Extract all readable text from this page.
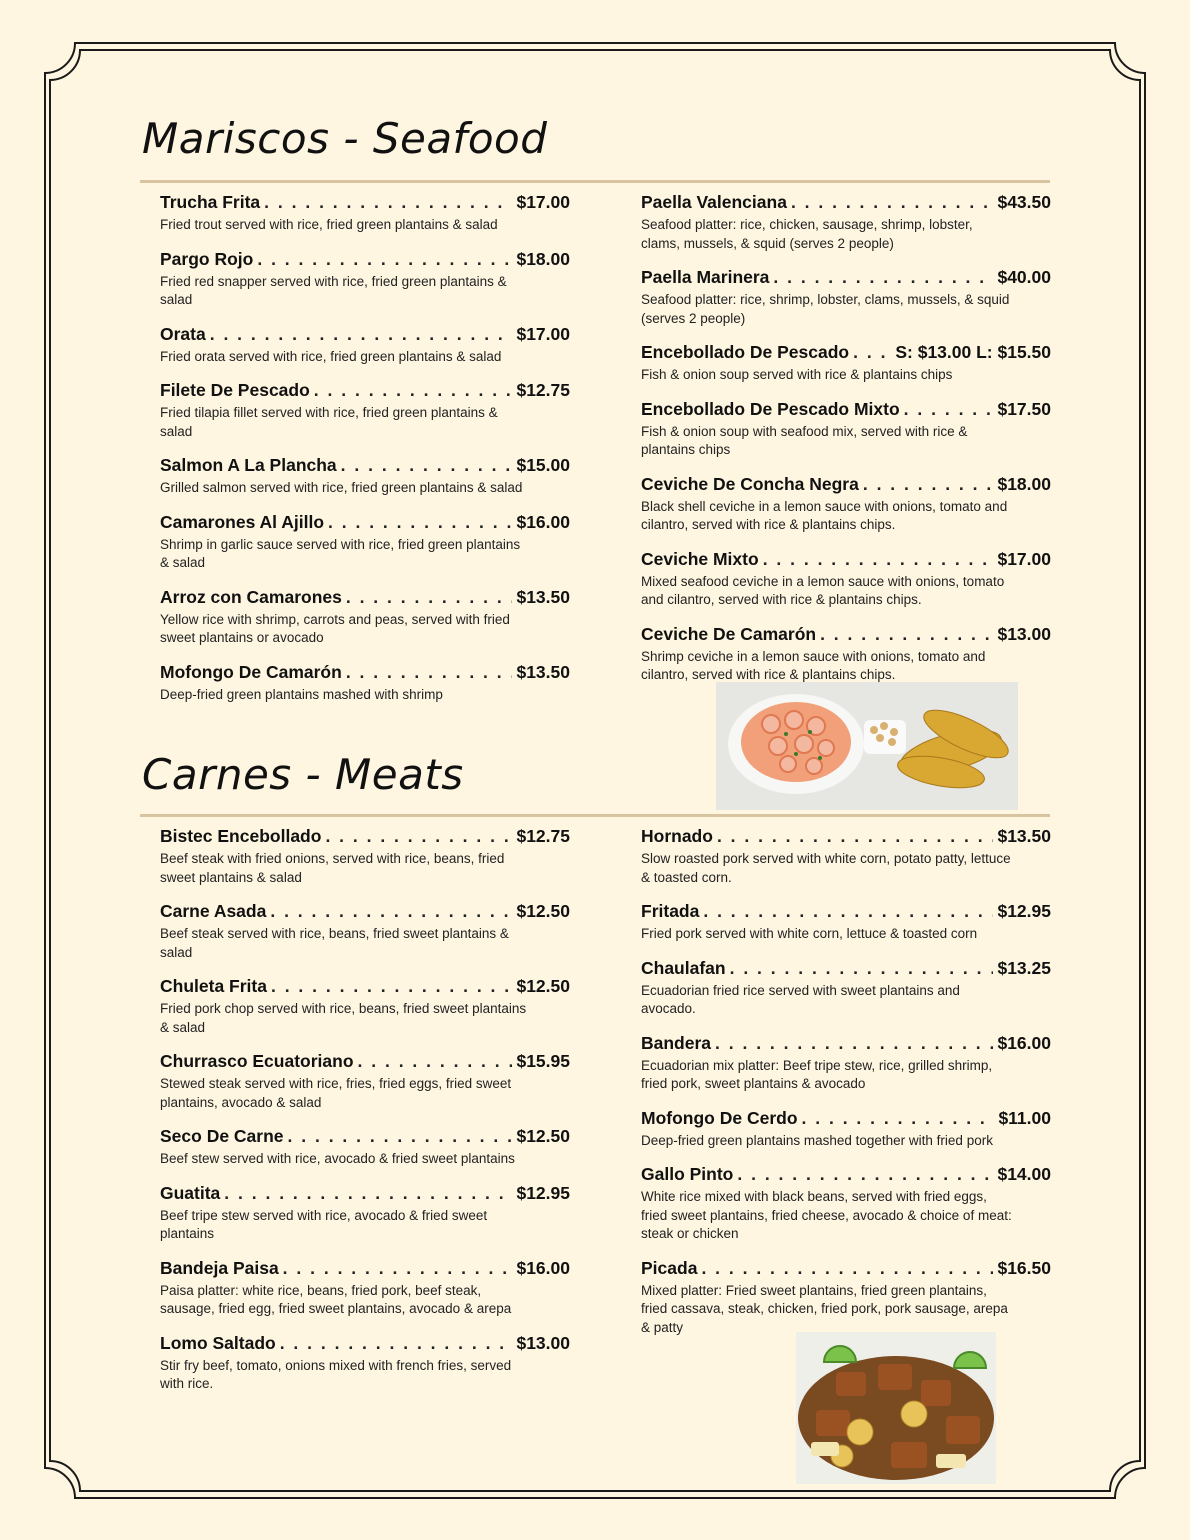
Mariscos - Seafood
Trucha Frita . . .	$17.00
Fried trout served with rice, fried green plantains & salad
Pargo Rojo . . .	$18.00
Fried red snapper served with rice, fried green plantains & salad
Orata . . .	$17.00
Fried orata served with rice, fried green plantains & salad
Filete De Pescado . . .	$12.75
Fried tilapia fillet served with rice, fried green plantains & salad
Salmon A La Plancha . . .	$15.00
Grilled salmon served with rice, fried green plantains & salad
Camarones Al Ajillo . . .	$16.00
Shrimp in garlic sauce served with rice, fried green plantains & salad
Arroz con Camarones . . .	$13.50
Yellow rice with shrimp, carrots and peas, served with fried sweet plantains or avocado
Mofongo De Camarón . . .	$13.50
Deep-fried green plantains mashed with shrimp
Paella Valenciana . . .	$43.50
Seafood platter: rice, chicken, sausage, shrimp, lobster, clams, mussels, & squid (serves 2 people)
Paella Marinera . . .	$40.00
Seafood platter: rice, shrimp, lobster, clams, mussels, & squid (serves 2 people)
Encebollado De Pescado . . .	S: $13.00 L: $15.50
Fish & onion soup served with rice & plantains chips
Encebollado De Pescado Mixto . . .	$17.50
Fish & onion soup with seafood mix, served with rice & plantains chips
Ceviche De Concha Negra . . .	$18.00
Black shell ceviche in a lemon sauce with onions, tomato and cilantro, served with rice & plantains chips.
Ceviche Mixto . . .	$17.00
Mixed seafood ceviche in a lemon sauce with onions, tomato and cilantro, served with rice & plantains chips.
Ceviche De Camarón . . .	$13.00
Shrimp ceviche in a lemon sauce with onions, tomato and cilantro, served with rice & plantains chips.
Carnes - Meats
Bistec Encebollado . . .	$12.75
Beef steak with fried onions, served with rice, beans, fried sweet plantains & salad
Carne Asada . . .	$12.50
Beef steak served with rice, beans, fried sweet plantains & salad
Chuleta Frita . . .	$12.50
Fried pork chop served with rice, beans, fried sweet plantains & salad
Churrasco Ecuatoriano . . .	$15.95
Stewed steak served with rice, fries, fried eggs, fried sweet plantains, avocado & salad
Seco De Carne . . .	$12.50
Beef stew served with rice, avocado & fried sweet plantains
Guatita . . .	$12.95
Beef tripe stew served with rice, avocado & fried sweet plantains
Bandeja Paisa . . .	$16.00
Paisa platter: white rice, beans, fried pork, beef steak, sausage, fried egg, fried sweet plantains, avocado & arepa
Lomo Saltado . . .	$13.00
Stir fry beef, tomato, onions mixed with french fries, served with rice.
Hornado . . .	$13.50
Slow roasted pork served with white corn, potato patty, lettuce & toasted corn.
Fritada . . .	$12.95
Fried pork served with white corn, lettuce & toasted corn
Chaulafan . . .	$13.25
Ecuadorian fried rice served with sweet plantains and avocado.
Bandera . . .	$16.00
Ecuadorian mix platter: Beef tripe stew, rice, grilled shrimp, fried pork, sweet plantains & avocado
Mofongo De Cerdo . . .	$11.00
Deep-fried green plantains mashed together with fried pork
Gallo Pinto . . .	$14.00
White rice mixed with black beans, served with fried eggs, fried sweet plantains, fried cheese, avocado & choice of meat: steak or chicken
Picada . . .	$16.50
Mixed platter: Fried sweet plantains, fried green plantains, fried cassava, steak, chicken, fried pork, pork sausage, arepa & patty
